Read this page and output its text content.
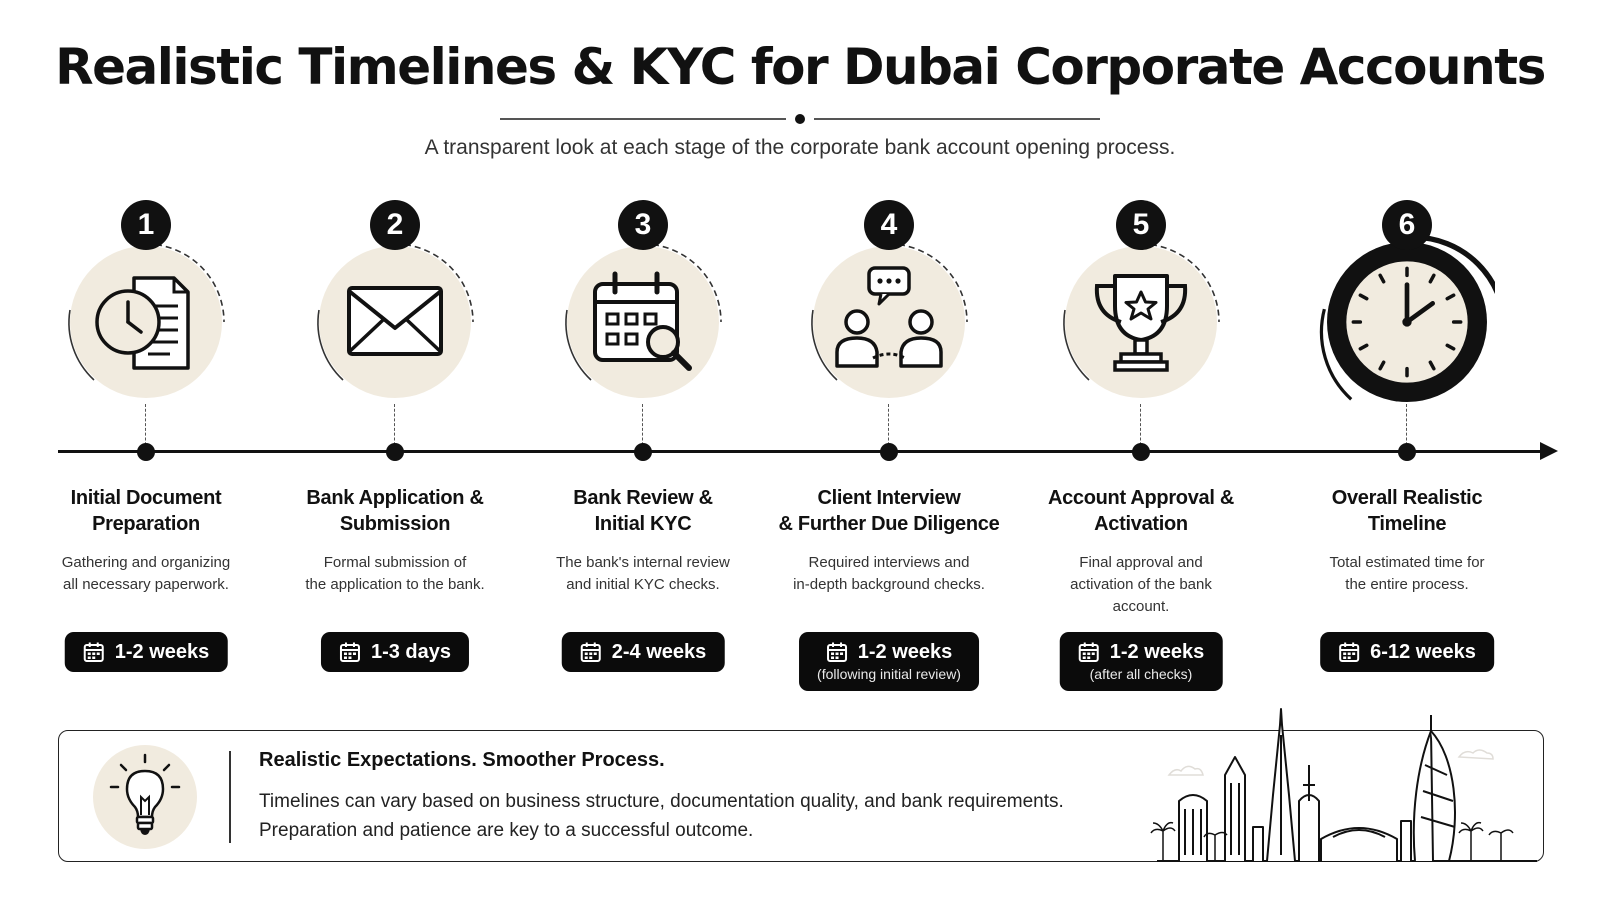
Realistic Timelines & KYC for Dubai Corporate Accounts
A transparent look at each stage of the corporate bank account opening process.
1
Initial Document
Preparation
Gathering and organizing
all necessary paperwork.
1-2 weeks
2
Bank Application &
Submission
Formal submission of
the application to the bank.
1-3 days
3
Bank Review &
Initial KYC
The bank's internal review
and initial KYC checks.
2-4 weeks
4
Client Interview
& Further Due Diligence
Required interviews and
in-depth background checks.
1-2 weeks
(following initial review)
5
Account Approval &
Activation
Final approval and
activation of the bank
account.
1-2 weeks
(after all checks)
6
Overall Realistic
Timeline
Total estimated time for
the entire process.
6-12 weeks
Realistic Expectations. Smoother Process.
Timelines can vary based on business structure, documentation quality, and bank requirements.
Preparation and patience are key to a successful outcome.
